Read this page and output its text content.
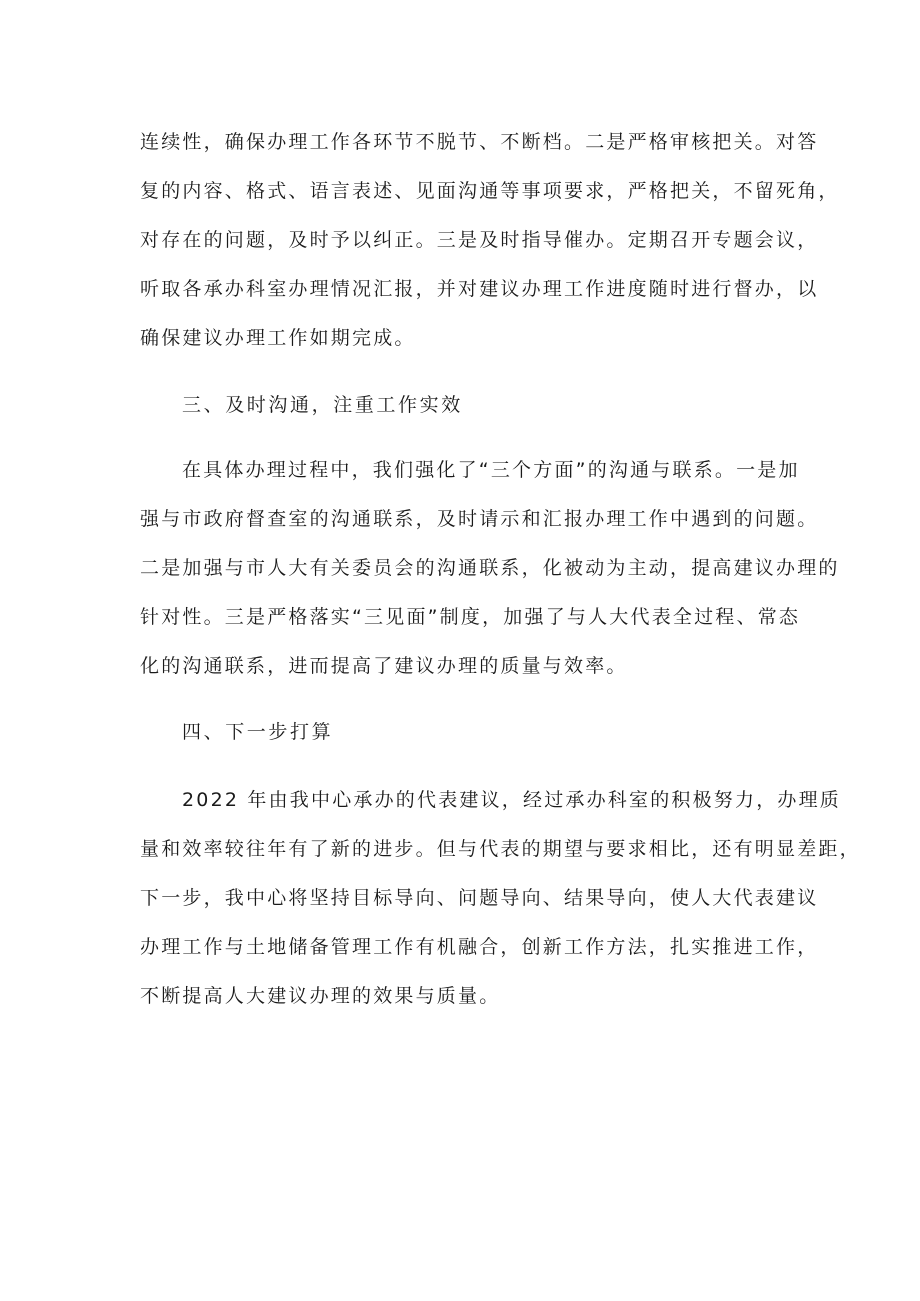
连续性，确保办理工作各环节不脱节、不断档。二是严格审核把关。对答
复的内容、格式、语言表述、见面沟通等事项要求，严格把关，不留死角，
对存在的问题，及时予以纠正。三是及时指导催办。定期召开专题会议，
听取各承办科室办理情况汇报，并对建议办理工作进度随时进行督办，以
确保建议办理工作如期完成。
三、及时沟通，注重工作实效
在具体办理过程中，我们强化了“三个方面”的沟通与联系。一是加
强与市政府督查室的沟通联系，及时请示和汇报办理工作中遇到的问题。
二是加强与市人大有关委员会的沟通联系，化被动为主动，提高建议办理的
针对性。三是严格落实“三见面”制度，加强了与人大代表全过程、常态
化的沟通联系，进而提高了建议办理的质量与效率。
四、下一步打算
2022 年由我中心承办的代表建议，经过承办科室的积极努力，办理质
量和效率较往年有了新的进步。但与代表的期望与要求相比，还有明显差距，
下一步，我中心将坚持目标导向、问题导向、结果导向，使人大代表建议
办理工作与土地储备管理工作有机融合，创新工作方法，扎实推进工作，
不断提高人大建议办理的效果与质量。
